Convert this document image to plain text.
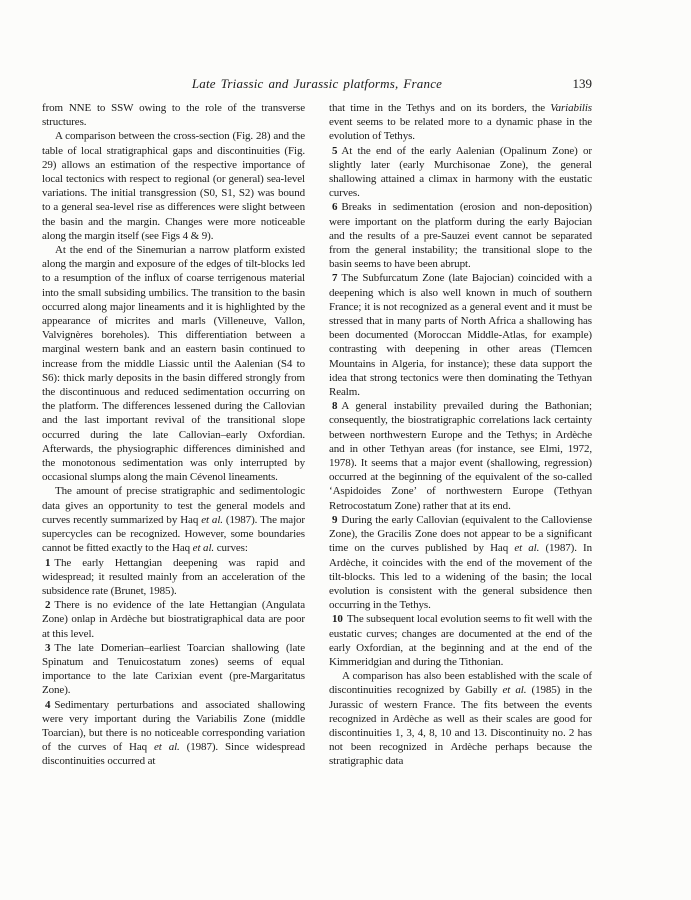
Late Triassic and Jurassic platforms, France	139

from NNE to SSW owing to the role of the transverse structures.

A comparison between the cross-section (Fig. 28) and the table of local stratigraphical gaps and discontinuities (Fig. 29) allows an estimation of the respective importance of local tectonics with respect to regional (or general) sea-level variations. The initial transgression (S0, S1, S2) was bound to a general sea-level rise as differences were slight between the basin and the margin. Changes were more noticeable along the margin itself (see Figs 4 & 9).

At the end of the Sinemurian a narrow platform existed along the margin and exposure of the edges of tilt-blocks led to a resumption of the influx of coarse terrigenous material into the small subsiding umbilics. The transition to the basin occurred along major lineaments and it is highlighted by the appearance of micrites and marls (Villeneuve, Vallon, Valvignères boreholes). This differentiation between a marginal western bank and an eastern basin continued to increase from the middle Liassic until the Aalenian (S4 to S6): thick marly deposits in the basin differed strongly from the discontinuous and reduced sedimentation occurring on the platform. The differences lessened during the Callovian and the last important revival of the transitional slope occurred during the late Callovian–early Oxfordian. Afterwards, the physiographic differences diminished and the monotonous sedimentation was only interrupted by occasional slumps along the main Cévenol lineaments.

The amount of precise stratigraphic and sedimentologic data gives an opportunity to test the general models and curves recently summarized by Haq et al. (1987). The major supercycles can be recognized. However, some boundaries cannot be fitted exactly to the Haq et al. curves:

1 The early Hettangian deepening was rapid and widespread; it resulted mainly from an acceleration of the subsidence rate (Brunet, 1985).

2 There is no evidence of the late Hettangian (Angulata Zone) onlap in Ardèche but biostratigraphical data are poor at this level.

3 The late Domerian–earliest Toarcian shallowing (late Spinatum and Tenuicostatum zones) seems of equal importance to the late Carixian event (pre-Margaritatus Zone).

4 Sedimentary perturbations and associated shallowing were very important during the Variabilis Zone (middle Toarcian), but there is no noticeable corresponding variation of the curves of Haq et al. (1987). Since widespread discontinuities occurred at

that time in the Tethys and on its borders, the Variabilis event seems to be related more to a dynamic phase in the evolution of Tethys.

5 At the end of the early Aalenian (Opalinum Zone) or slightly later (early Murchisonae Zone), the general shallowing attained a climax in harmony with the eustatic curves.

6 Breaks in sedimentation (erosion and non-deposition) were important on the platform during the early Bajocian and the results of a pre-Sauzei event cannot be separated from the general instability; the transitional slope to the basin seems to have been abrupt.

7 The Subfurcatum Zone (late Bajocian) coincided with a deepening which is also well known in much of southern France; it is not recognized as a general event and it must be stressed that in many parts of North Africa a shallowing has been documented (Moroccan Middle-Atlas, for example) contrasting with deepening in other areas (Tlemcen Mountains in Algeria, for instance); these data support the idea that strong tectonics were then dominating the Tethyan Realm.

8 A general instability prevailed during the Bathonian; consequently, the biostratigraphic correlations lack certainty between northwestern Europe and the Tethys; in Ardèche and in other Tethyan areas (for instance, see Elmi, 1972, 1978). It seems that a major event (shallowing, regression) occurred at the beginning of the equivalent of the so-called ‘Aspidoides Zone’ of northwestern Europe (Tethyan Retrocostatum Zone) rather that at its end.

9 During the early Callovian (equivalent to the Calloviense Zone), the Gracilis Zone does not appear to be a significant time on the curves published by Haq et al. (1987). In Ardèche, it coincides with the end of the movement of the tilt-blocks. This led to a widening of the basin; the local evolution is consistent with the general subsidence then occurring in the Tethys.

10 The subsequent local evolution seems to fit well with the eustatic curves; changes are documented at the end of the early Oxfordian, at the beginning and at the end of the Kimmeridgian and during the Tithonian.

A comparison has also been established with the scale of discontinuities recognized by Gabilly et al. (1985) in the Jurassic of western France. The fits between the events recognized in Ardèche as well as their scales are good for discontinuities 1, 3, 4, 8, 10 and 13. Discontinuity no. 2 has not been recognized in Ardèche perhaps because the stratigraphic data
